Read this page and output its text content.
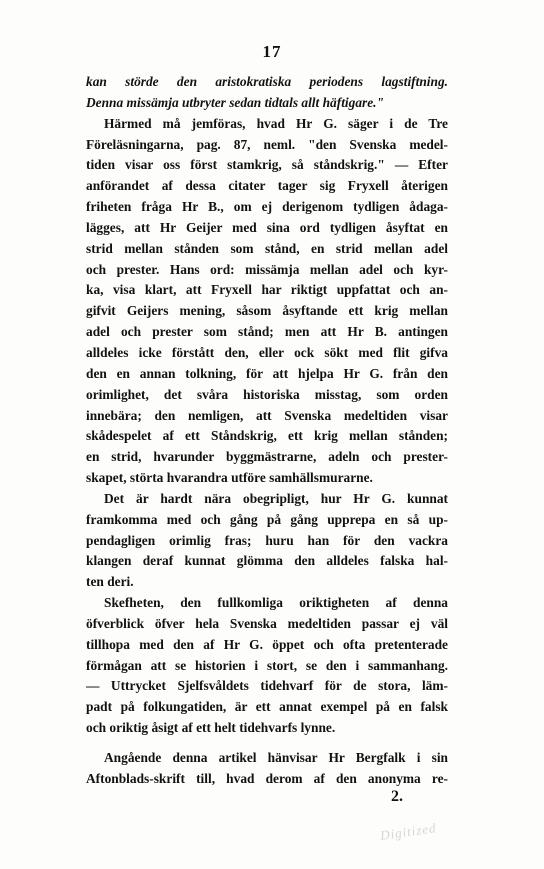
17
kan störde den aristokratiska periodens lagstiftning.
Denna missämja utbryter sedan tidtals allt häftigare."
Härmed må jemföras, hvad Hr G. säger i de Tre
Föreläsningarna, pag. 87, neml. "den Svenska medel-
tiden visar oss först stamkrig, så ståndskrig." — Efter
anförandet af dessa citater tager sig Fryxell återigen
friheten fråga Hr B., om ej derigenom tydligen ådaga-
lägges, att Hr Geijer med sina ord tydligen åsyftat en
strid mellan stånden som stånd, en strid mellan adel
och prester. Hans ord: missämja mellan adel och kyr-
ka, visa klart, att Fryxell har riktigt uppfattat och an-
gifvit Geijers mening, såsom åsyftande ett krig mellan
adel och prester som stånd; men att Hr B. antingen
alldeles icke förstått den, eller ock sökt med flit gifva
den en annan tolkning, för att hjelpa Hr G. från den
orimlighet, det svåra historiska misstag, som orden
innebära; den nemligen, att Svenska medeltiden visar
skådespelet af ett Ståndskrig, ett krig mellan stånden;
en strid, hvarunder byggmästrarne, adeln och prester-
skapet, störta hvarandra utföre samhällsmurarne.
Det är hardt nära obegripligt, hur Hr G. kunnat
framkomma med och gång på gång upprepa en så up-
pendagligen orimlig fras; huru han för den vackra
klangen deraf kunnat glömma den alldeles falska hal-
ten deri.
Skefheten, den fullkomliga oriktigheten af denna
öfverblick öfver hela Svenska medeltiden passar ej väl
tillhopa med den af Hr G. öppet och ofta pretenterade
förmågan att se historien i stort, se den i sammanhang.
— Uttrycket Sjelfsvåldets tidehvarf för de stora, läm-
padt på folkungatiden, är ett annat exempel på en falsk
och oriktig åsigt af ett helt tidehvarfs lynne.
Angående denna artikel hänvisar Hr Bergfalk i sin
Aftonblads-skrift till, hvad derom af den anonyma re-
2.
Digitized
